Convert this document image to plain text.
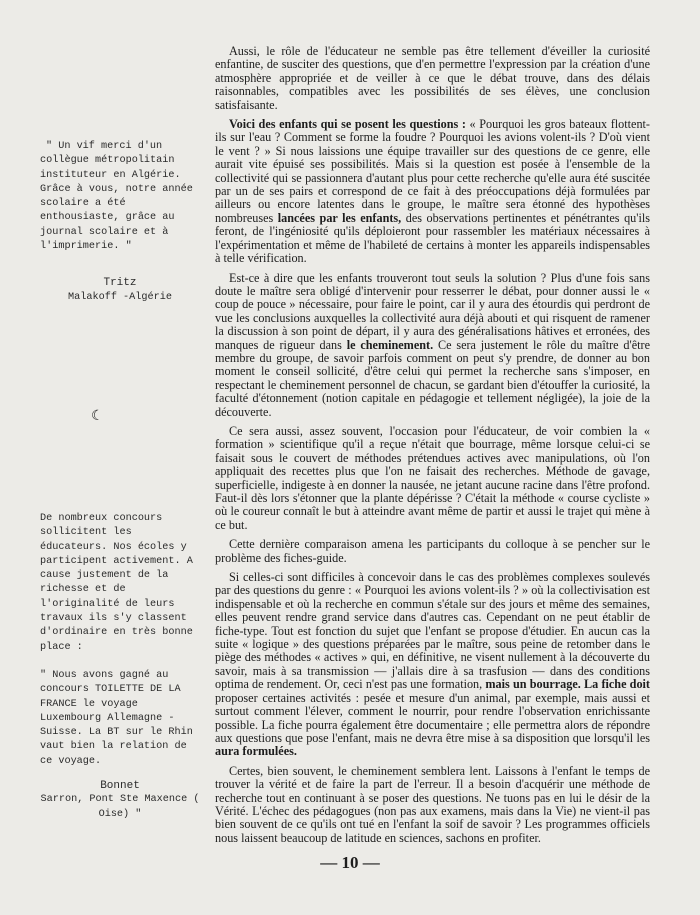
" Un vif merci d'un collègue métropolitain instituteur en Algérie. Grâce à vous, notre année scolaire a été enthousiaste, grâce au journal scolaire et à l'imprimerie. "
Tritz
Malakoff -Algérie
☾
De nombreux concours sollicitent les éducateurs. Nos écoles y participent activement. A cause justement de la richesse et de l'originalité de leurs travaux ils s'y classent d'ordinaire en très bonne place :
" Nous avons gagné au concours TOILETTE DE LA FRANCE le voyage Luxembourg Allemagne - Suisse. La BT sur le Rhin vaut bien la relation de ce voyage.
Bonnet
Sarron, Pont Ste Maxence ( Oise) "

Aussi, le rôle de l'éducateur ne semble pas être tellement d'éveiller la curiosité enfantine, de susciter des questions, que d'en permettre l'expression par la création d'une atmosphère appropriée et de veiller à ce que le débat trouve, dans des délais raisonnables, compatibles avec les possibilités de ses élèves, une conclusion satisfaisante.

Voici des enfants qui se posent les questions : « Pourquoi les gros bateaux flottent-ils sur l'eau ? Comment se forme la foudre ? Pourquoi les avions volent-ils ? D'où vient le vent ? » Si nous laissions une équipe travailler sur des questions de ce genre, elle aurait vite épuisé ses possibilités. Mais si la question est posée à l'ensemble de la collectivité qui se passionnera d'autant plus pour cette recherche qu'elle aura été suscitée par un de ses pairs et correspond de ce fait à des préoccupations déjà formulées par ailleurs ou encore latentes dans le groupe, le maître sera étonné des hypothèses nombreuses lancées par les enfants, des observations pertinentes et pénétrantes qu'ils feront, de l'ingéniosité qu'ils déploieront pour rassembler les matériaux nécessaires à l'expérimentation et même de l'habileté de certains à monter les appareils indispensables à telle vérification.

Est-ce à dire que les enfants trouveront tout seuls la solution ? Plus d'une fois sans doute le maître sera obligé d'intervenir pour resserrer le débat, pour donner aussi le « coup de pouce » nécessaire, pour faire le point, car il y aura des étourdis qui perdront de vue les conclusions auxquelles la collectivité aura déjà abouti et qui risquent de ramener la discussion à son point de départ, il y aura des généralisations hâtives et erronées, des manques de rigueur dans le cheminement. Ce sera justement le rôle du maître d'être membre du groupe, de savoir parfois comment on peut s'y prendre, de donner au bon moment le conseil sollicité, d'être celui qui permet la recherche sans s'imposer, en respectant le cheminement personnel de chacun, se gardant bien d'étouffer la curiosité, la faculté d'étonnement (notion capitale en pédagogie et tellement négligée), la joie de la découverte.

Ce sera aussi, assez souvent, l'occasion pour l'éducateur, de voir combien la « formation » scientifique qu'il a reçue n'était que bourrage, même lorsque celui-ci se faisait sous le couvert de méthodes prétendues actives avec manipulations, où l'on appliquait des recettes plus que l'on ne faisait des recherches. Méthode de gavage, superficielle, indigeste à en donner la nausée, ne jetant aucune racine dans l'être profond. Faut-il dès lors s'étonner que la plante dépérisse ? C'était la méthode « course cycliste » où le coureur connaît le but à atteindre avant même de partir et aussi le trajet qui mène à ce but.

Cette dernière comparaison amena les participants du colloque à se pencher sur le problème des fiches-guide.

Si celles-ci sont difficiles à concevoir dans le cas des problèmes complexes soulevés par des questions du genre : « Pourquoi les avions volent-ils ? » où la collectivisation est indispensable et où la recherche en commun s'étale sur des jours et même des semaines, elles peuvent rendre grand service dans d'autres cas. Cependant on ne peut établir de fiche-type. Tout est fonction du sujet que l'enfant se propose d'étudier. En aucun cas la suite « logique » des questions préparées par le maître, sous peine de retomber dans le piège des méthodes « actives » qui, en définitive, ne visent nullement à la découverte du savoir, mais à sa transmission — j'allais dire à sa trasfusion — dans des conditions optima de rendement. Or, ceci n'est pas une formation, mais un bourrage. La fiche doit proposer certaines activités : pesée et mesure d'un animal, par exemple, mais aussi et surtout comment l'élever, comment le nourrir, pour rendre l'observation enrichissante possible. La fiche pourra également être documentaire ; elle permettra alors de répondre aux questions que pose l'enfant, mais ne devra être mise à sa disposition que lorsqu'il les aura formulées.

Certes, bien souvent, le cheminement semblera lent. Laissons à l'enfant le temps de trouver la vérité et de faire la part de l'erreur. Il a besoin d'acquérir une méthode de recherche tout en continuant à se poser des questions. Ne tuons pas en lui le désir de la Vérité. L'échec des pédagogues (non pas aux examens, mais dans la Vie) ne vient-il pas bien souvent de ce qu'ils ont tué en l'enfant la soif de savoir ? Les programmes officiels nous laissent beaucoup de latitude en sciences, sachons en profiter.

— 10 —
